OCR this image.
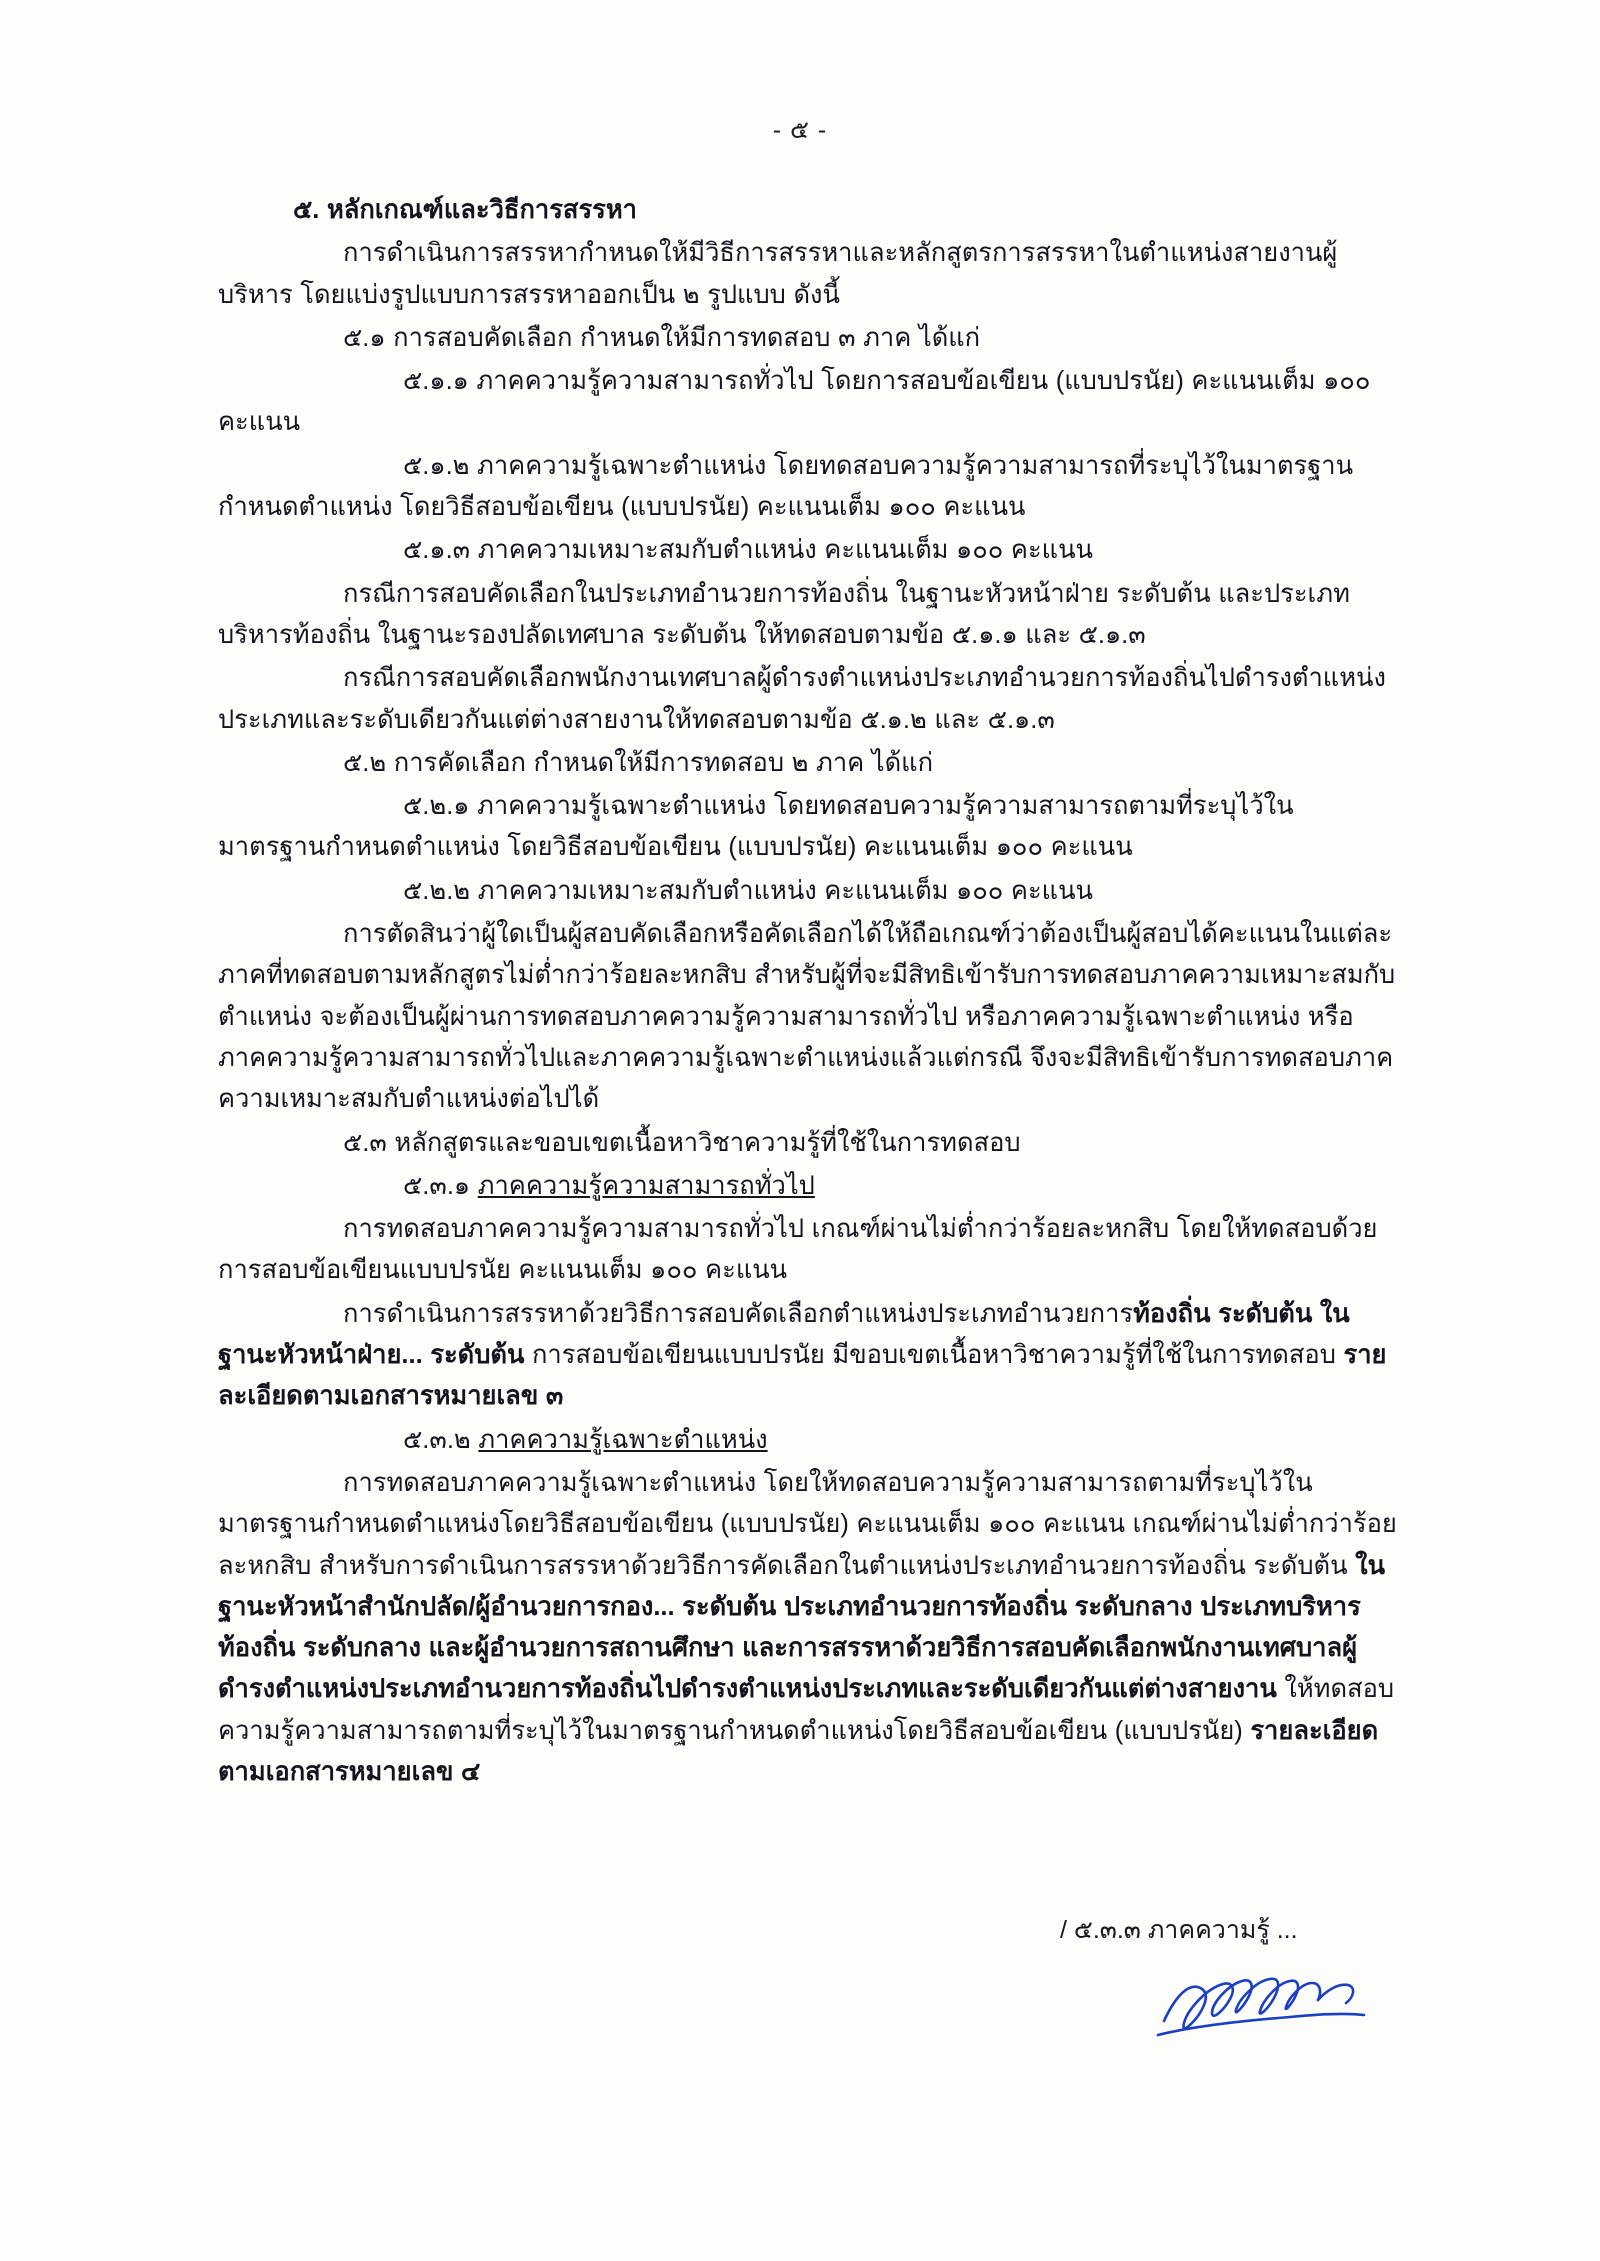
- ๕ -

๕. หลักเกณฑ์และวิธีการสรรหา

การดำเนินการสรรหากำหนดให้มีวิธีการสรรหาและหลักสูตรการสรรหาในตำแหน่งสายงานผู้บริหาร โดยแบ่งรูปแบบการสรรหาออกเป็น ๒ รูปแบบ ดังนี้

๕.๑ การสอบคัดเลือก กำหนดให้มีการทดสอบ ๓ ภาค ได้แก่

๕.๑.๑ ภาคความรู้ความสามารถทั่วไป โดยการสอบข้อเขียน (แบบปรนัย) คะแนนเต็ม ๑๐๐ คะแนน

๕.๑.๒ ภาคความรู้เฉพาะตำแหน่ง โดยทดสอบความรู้ความสามารถที่ระบุไว้ในมาตรฐานกำหนดตำแหน่ง โดยวิธีสอบข้อเขียน (แบบปรนัย) คะแนนเต็ม ๑๐๐ คะแนน

๕.๑.๓ ภาคความเหมาะสมกับตำแหน่ง คะแนนเต็ม ๑๐๐ คะแนน

กรณีการสอบคัดเลือกในประเภทอำนวยการท้องถิ่น ในฐานะหัวหน้าฝ่าย ระดับต้น และประเภทบริหารท้องถิ่น ในฐานะรองปลัดเทศบาล ระดับต้น ให้ทดสอบตามข้อ ๕.๑.๑ และ ๕.๑.๓

กรณีการสอบคัดเลือกพนักงานเทศบาลผู้ดำรงตำแหน่งประเภทอำนวยการท้องถิ่นไปดำรงตำแหน่งประเภทและระดับเดียวกันแต่ต่างสายงานให้ทดสอบตามข้อ ๕.๑.๒ และ ๕.๑.๓

๕.๒ การคัดเลือก กำหนดให้มีการทดสอบ ๒ ภาค ได้แก่

๕.๒.๑ ภาคความรู้เฉพาะตำแหน่ง โดยทดสอบความรู้ความสามารถตามที่ระบุไว้ในมาตรฐานกำหนดตำแหน่ง โดยวิธีสอบข้อเขียน (แบบปรนัย) คะแนนเต็ม ๑๐๐ คะแนน

๕.๒.๒ ภาคความเหมาะสมกับตำแหน่ง คะแนนเต็ม ๑๐๐ คะแนน

การตัดสินว่าผู้ใดเป็นผู้สอบคัดเลือกหรือคัดเลือกได้ให้ถือเกณฑ์ว่าต้องเป็นผู้สอบได้คะแนนในแต่ละภาคที่ทดสอบตามหลักสูตรไม่ต่ำกว่าร้อยละหกสิบ สำหรับผู้ที่จะมีสิทธิเข้ารับการทดสอบภาคความเหมาะสมกับตำแหน่ง จะต้องเป็นผู้ผ่านการทดสอบภาคความรู้ความสามารถทั่วไป หรือภาคความรู้เฉพาะตำแหน่ง หรือภาคความรู้ความสามารถทั่วไปและภาคความรู้เฉพาะตำแหน่งแล้วแต่กรณี จึงจะมีสิทธิเข้ารับการทดสอบภาคความเหมาะสมกับตำแหน่งต่อไปได้

๕.๓ หลักสูตรและขอบเขตเนื้อหาวิชาความรู้ที่ใช้ในการทดสอบ

๕.๓.๑ ภาคความรู้ความสามารถทั่วไป

การทดสอบภาคความรู้ความสามารถทั่วไป เกณฑ์ผ่านไม่ต่ำกว่าร้อยละหกสิบ โดยให้ทดสอบด้วยการสอบข้อเขียนแบบปรนัย คะแนนเต็ม ๑๐๐ คะแนน

การดำเนินการสรรหาด้วยวิธีการสอบคัดเลือกตำแหน่งประเภทอำนวยการท้องถิ่น ระดับต้น ในฐานะหัวหน้าฝ่าย... ระดับต้น การสอบข้อเขียนแบบปรนัย มีขอบเขตเนื้อหาวิชาความรู้ที่ใช้ในการทดสอบ รายละเอียดตามเอกสารหมายเลข ๓

๕.๓.๒ ภาคความรู้เฉพาะตำแหน่ง

การทดสอบภาคความรู้เฉพาะตำแหน่ง โดยให้ทดสอบความรู้ความสามารถตามที่ระบุไว้ในมาตรฐานกำหนดตำแหน่งโดยวิธีสอบข้อเขียน (แบบปรนัย) คะแนนเต็ม ๑๐๐ คะแนน เกณฑ์ผ่านไม่ต่ำกว่าร้อยละหกสิบ สำหรับการดำเนินการสรรหาด้วยวิธีการคัดเลือกในตำแหน่งประเภทอำนวยการท้องถิ่น ระดับต้น ในฐานะหัวหน้าสำนักปลัด/ผู้อำนวยการกอง... ระดับต้น ประเภทอำนวยการท้องถิ่น ระดับกลาง ประเภทบริหารท้องถิ่น ระดับกลาง และผู้อำนวยการสถานศึกษา และการสรรหาด้วยวิธีการสอบคัดเลือกพนักงานเทศบาลผู้ดำรงตำแหน่งประเภทอำนวยการท้องถิ่นไปดำรงตำแหน่งประเภทและระดับเดียวกันแต่ต่างสายงาน ให้ทดสอบความรู้ความสามารถตามที่ระบุไว้ในมาตรฐานกำหนดตำแหน่งโดยวิธีสอบข้อเขียน (แบบปรนัย) รายละเอียดตามเอกสารหมายเลข ๔

/ ๕.๓.๓ ภาคความรู้ ...
